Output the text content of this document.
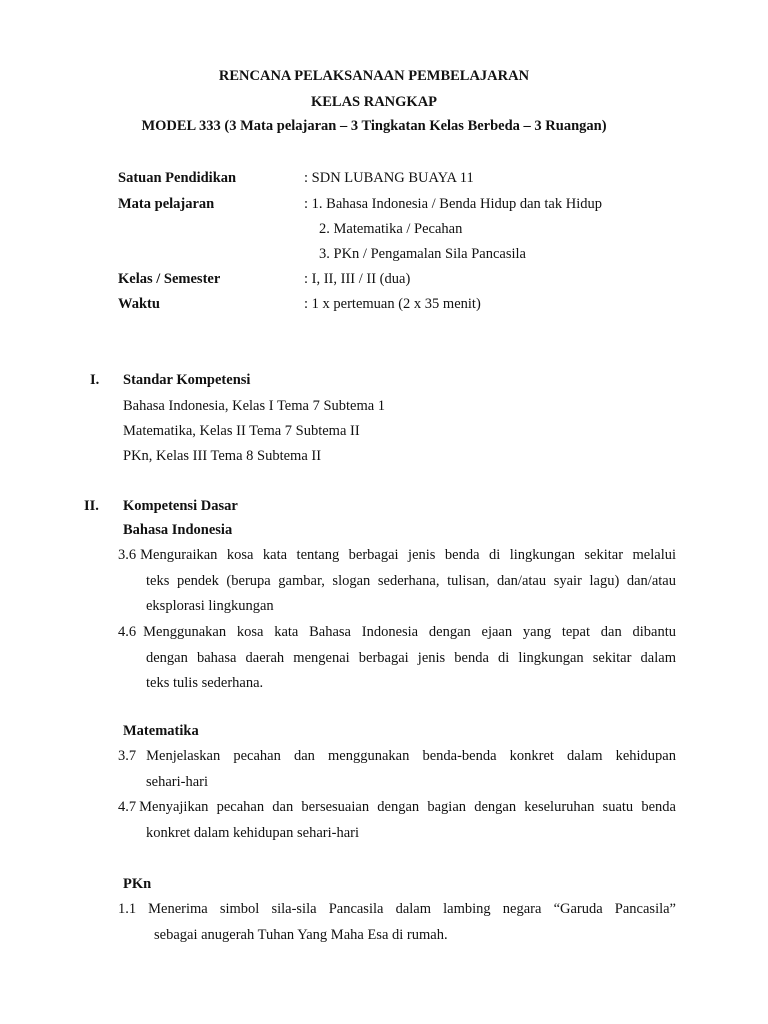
RENCANA PELAKSANAAN PEMBELAJARAN
KELAS RANGKAP
MODEL 333 (3 Mata pelajaran – 3 Tingkatan Kelas Berbeda – 3 Ruangan)
Satuan Pendidikan	: SDN LUBANG BUAYA 11
Mata pelajaran	: 1. Bahasa Indonesia / Benda Hidup dan tak Hidup
2. Matematika / Pecahan
3. PKn / Pengamalan Sila Pancasila
Kelas / Semester	: I, II, III / II (dua)
Waktu	: 1 x pertemuan (2 x 35 menit)
I. Standar Kompetensi
Bahasa Indonesia, Kelas I Tema 7 Subtema 1
Matematika, Kelas II Tema 7 Subtema II
PKn, Kelas III Tema 8 Subtema II
II. Kompetensi Dasar
Bahasa Indonesia
3.6 Menguraikan kosa kata tentang berbagai jenis benda di lingkungan sekitar melalui
teks pendek (berupa gambar, slogan sederhana, tulisan, dan/atau syair lagu) dan/atau
eksplorasi lingkungan
4.6 Menggunakan kosa kata Bahasa Indonesia dengan ejaan yang tepat dan dibantu
dengan bahasa daerah mengenai berbagai jenis benda di lingkungan sekitar dalam
teks tulis sederhana.
Matematika
3.7 Menjelaskan pecahan dan menggunakan benda-benda konkret dalam kehidupan
sehari-hari
4.7 Menyajikan pecahan dan bersesuaian dengan bagian dengan keseluruhan suatu benda
konkret dalam kehidupan sehari-hari
PKn
1.1 Menerima simbol sila-sila Pancasila dalam lambing negara “Garuda Pancasila”
sebagai anugerah Tuhan Yang Maha Esa di rumah.
